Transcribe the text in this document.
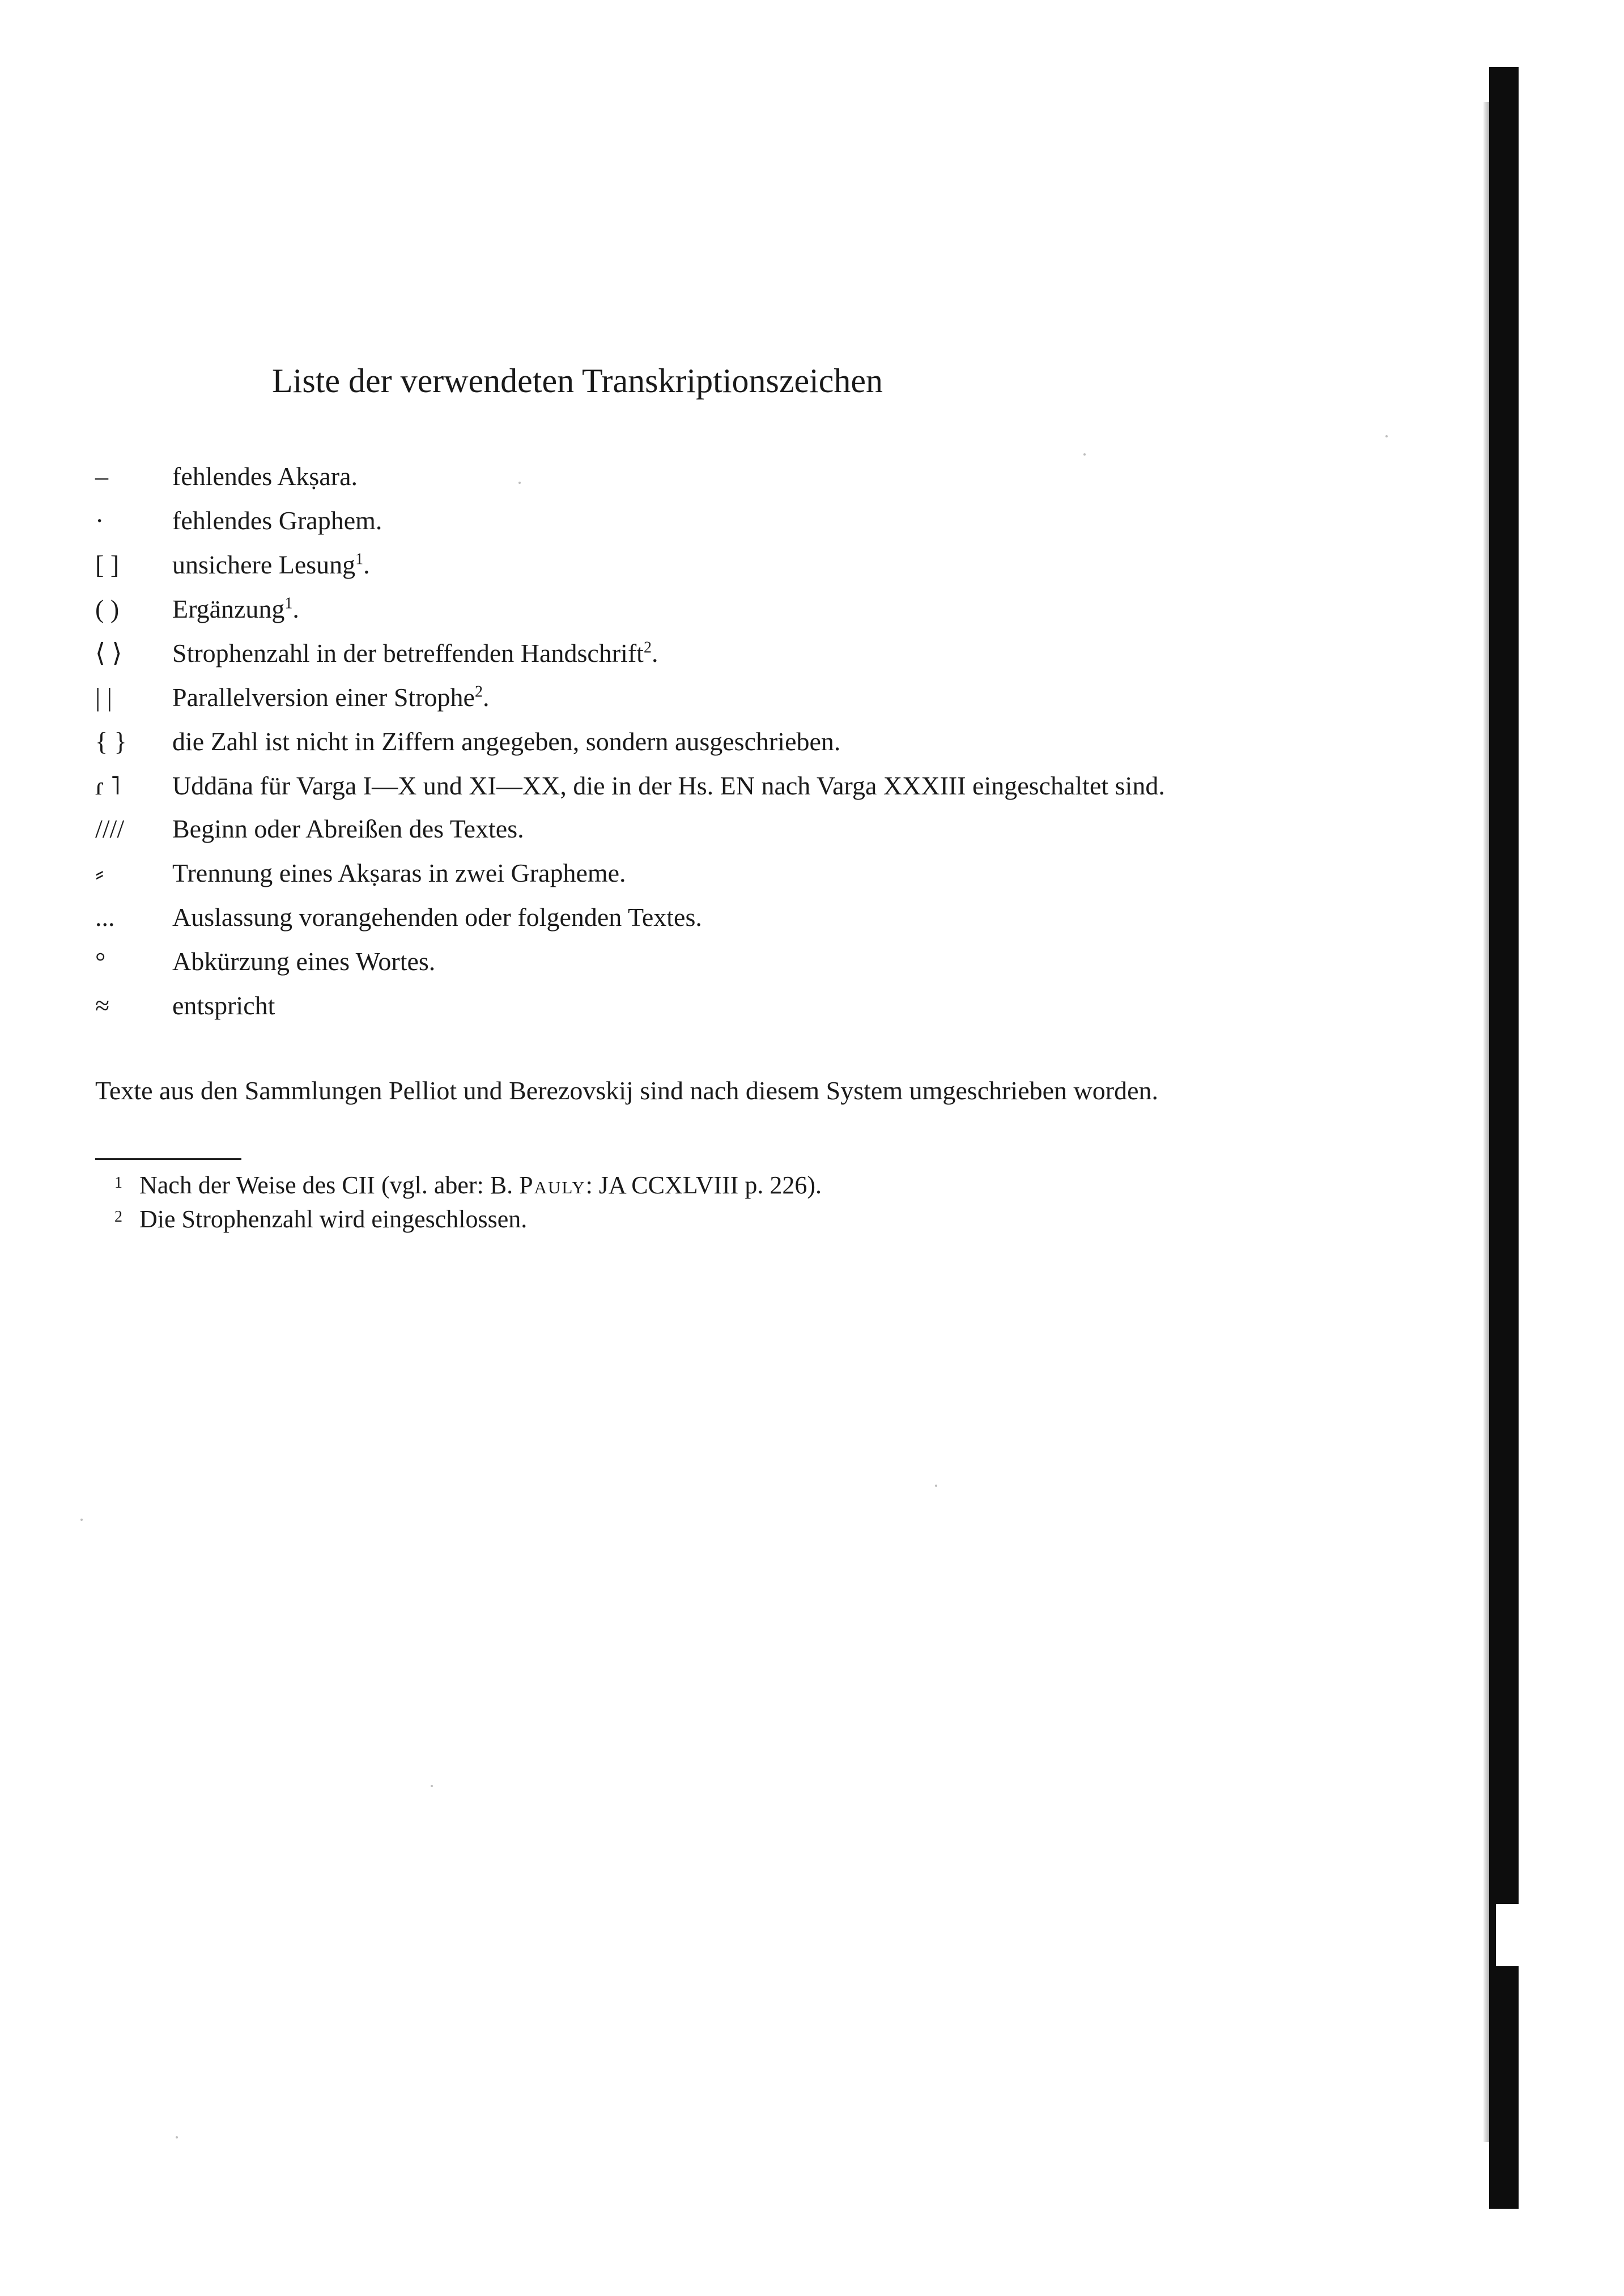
Liste der verwendeten Transkriptionszeichen
–	fehlendes Akṣara.
·	fehlendes Graphem.
[ ]	unsichere Lesung$^1$.
( )	Ergänzung$^1$.
⟨ ⟩	Strophenzahl in der betreffenden Handschrift$^2$.
| |	Parallelversion einer Strophe$^2$.
{ }	die Zahl ist nicht in Ziffern angegeben, sondern ausgeschrieben.
ɾ ˥	Uddāna für Varga I—X und XI—XX, die in der Hs. EN nach Varga XXXIII eingeschaltet sind.
////	Beginn oder Abreißen des Textes.
⸗	Trennung eines Akṣaras in zwei Grapheme.
...	Auslassung vorangehenden oder folgenden Textes.
°	Abkürzung eines Wortes.
≈	entspricht
Texte aus den Sammlungen Pelliot und Berezovskij sind nach diesem System umgeschrieben worden.
1 Nach der Weise des CII (vgl. aber: B. Pauly: JA CCXLVIII p. 226).
2 Die Strophenzahl wird eingeschlossen.
